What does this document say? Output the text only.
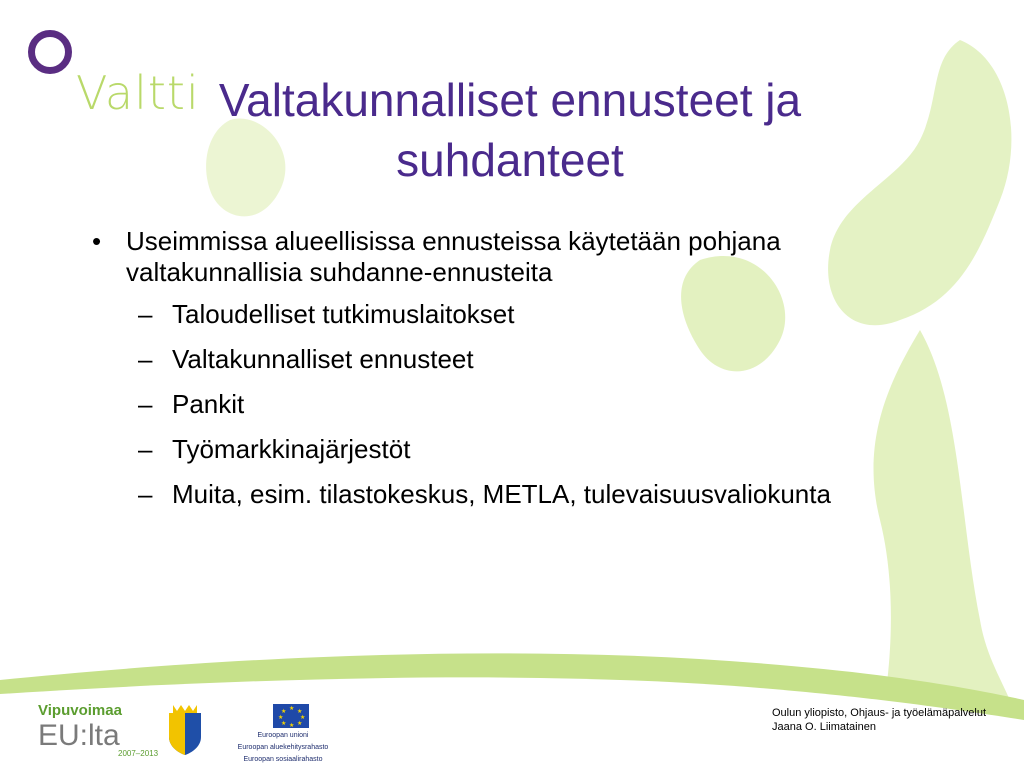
Valtti Valtakunnalliset ennusteet ja suhdanteet
• Useimmissa alueellisissa ennusteissa käytetään pohjana valtakunnallisia suhdanne-ennusteita
– Taloudelliset tutkimuslaitokset
– Valtakunnalliset ennusteet
– Pankit
– Työmarkkinajärjestöt
– Muita, esim. tilastokeskus, METLA, tulevaisuusvaliokunta
Vipuvoimaa
EU:lta
2007–2013
★ ★
★
★
★
★
★
★
Euroopan unioni
Euroopan aluekehitysrahasto
Euroopan sosiaalirahasto
Oulun yliopisto, Ohjaus- ja työelämäpalvelut
Jaana O. Liimatainen
